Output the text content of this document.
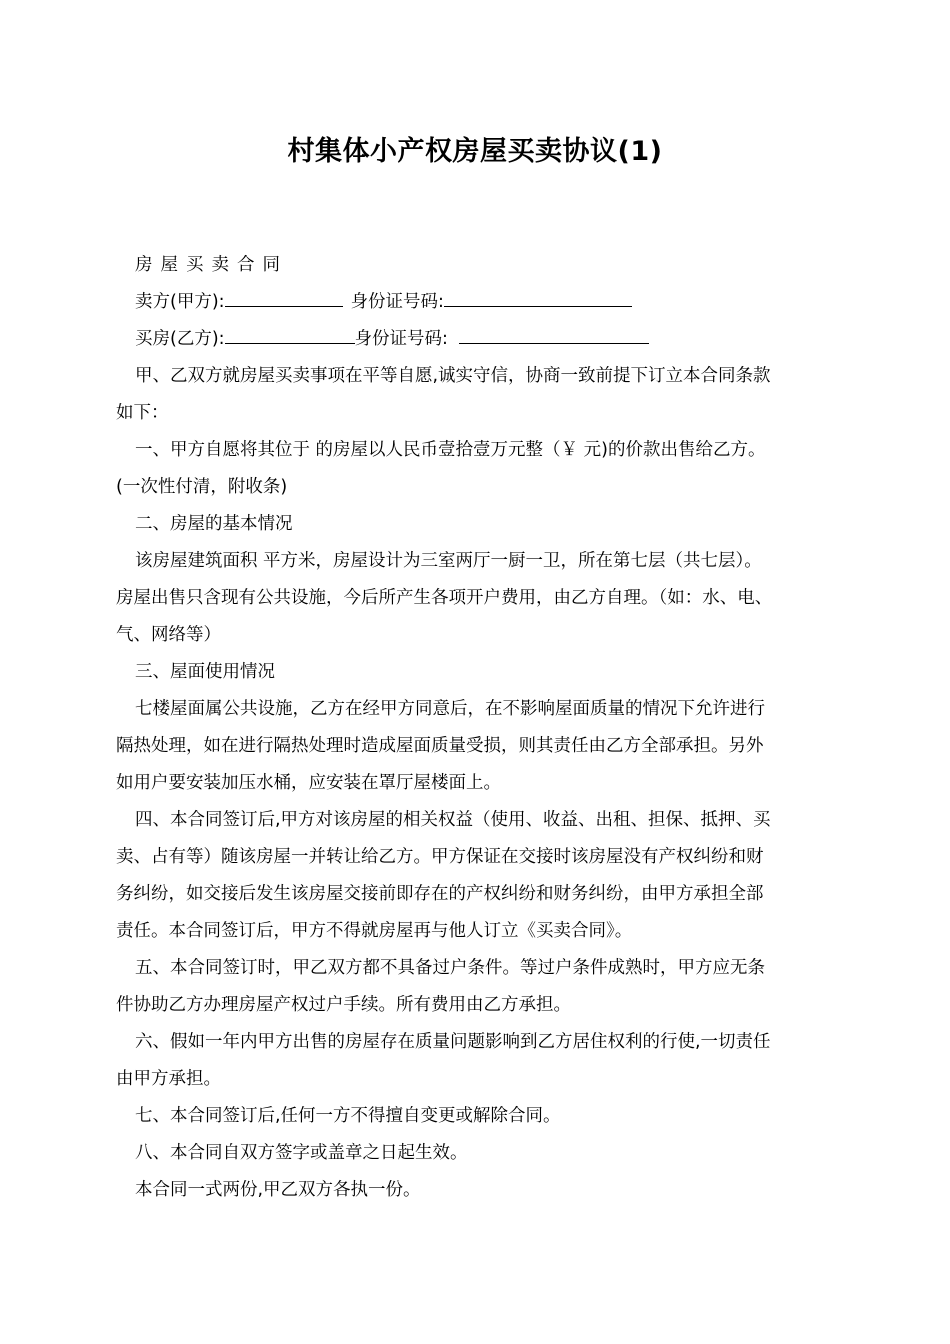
村集体小产权房屋买卖协议(1)
房屋买卖合同
卖方(甲方):	身份证号码:
买房(乙方):	身份证号码:
甲、乙双方就房屋买卖事项在平等自愿,诚实守信，协商一致前提下订立本合同条款
如下：
一、甲方自愿将其位于 的房屋以人民币壹拾壹万元整（￥ 元)的价款出售给乙方。
(一次性付清，附收条)
二、房屋的基本情况
该房屋建筑面积 平方米，房屋设计为三室两厅一厨一卫，所在第七层（共七层）。
房屋出售只含现有公共设施，今后所产生各项开户费用，由乙方自理。（如：水、电、
气、网络等）
三、屋面使用情况
七楼屋面属公共设施，乙方在经甲方同意后，在不影响屋面质量的情况下允许进行
隔热处理，如在进行隔热处理时造成屋面质量受损，则其责任由乙方全部承担。另外
如用户要安装加压水桶，应安装在罩厅屋楼面上。
四、本合同签订后,甲方对该房屋的相关权益（使用、收益、出租、担保、抵押、买
卖、占有等）随该房屋一并转让给乙方。甲方保证在交接时该房屋没有产权纠纷和财
务纠纷，如交接后发生该房屋交接前即存在的产权纠纷和财务纠纷，由甲方承担全部
责任。本合同签订后，甲方不得就房屋再与他人订立《买卖合同》。
五、本合同签订时，甲乙双方都不具备过户条件。等过户条件成熟时，甲方应无条
件协助乙方办理房屋产权过户手续。所有费用由乙方承担。
六、假如一年内甲方出售的房屋存在质量问题影响到乙方居住权利的行使,一切责任
由甲方承担。
七、本合同签订后,任何一方不得擅自变更或解除合同。
八、本合同自双方签字或盖章之日起生效。
本合同一式两份,甲乙双方各执一份。
